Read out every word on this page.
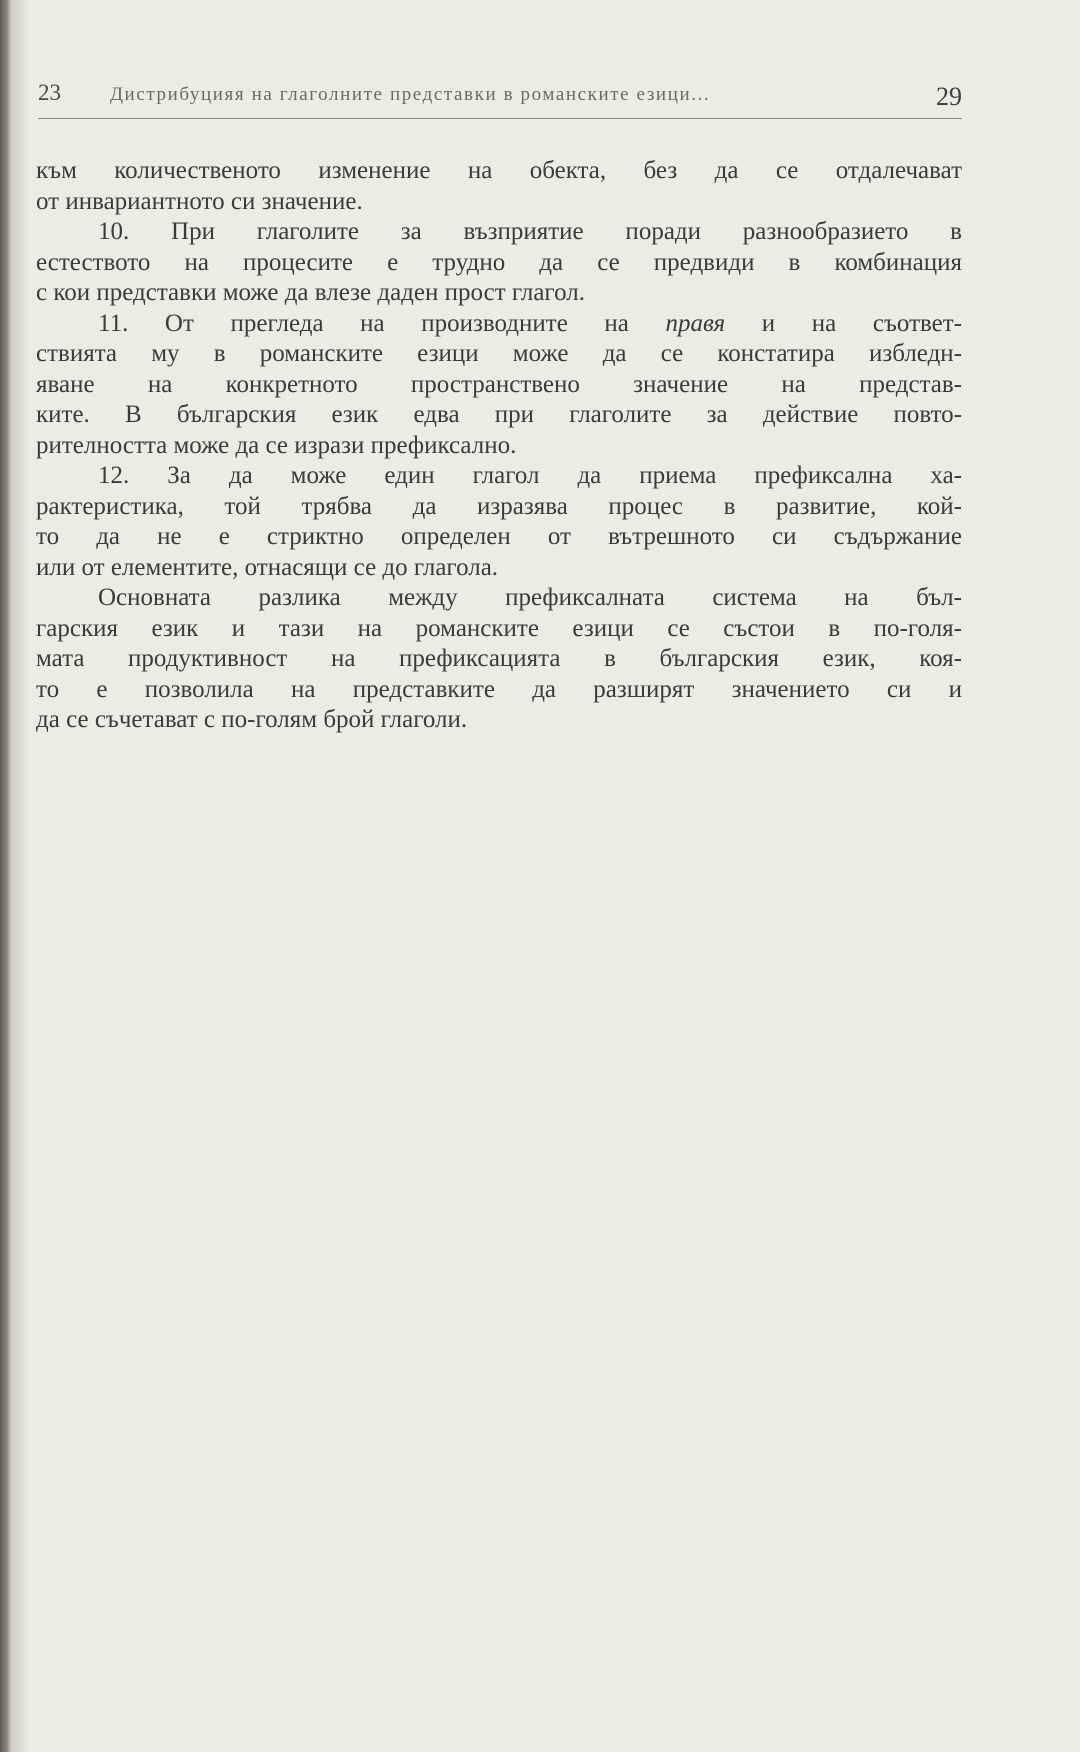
23	Дистрибуцияя на глаголните представки в романските езици...	29
към количественото изменение на обекта, без да се отдалечават
от инвариантното си значение.
10. При глаголите за възприятие поради разнообразието в
естеството на процесите е трудно да се предвиди в комбинация
с кои представки може да влезе даден прост глагол.
11. От прегледа на производните на правя и на съответ-
ствията му в романските езици може да се констатира избледн-
яване на конкретното пространствено значение на представ-
ките. В българския език едва при глаголите за действие повто-
рителността може да се изрази префиксално.
12. За да може един глагол да приема префиксална ха-
рактеристика, той трябва да изразява процес в развитие, кой-
то да не е стриктно определен от вътрешното си съдържание
или от елементите, отнасящи се до глагола.
Основната разлика между префиксалната система на бъл-
гарския език и тази на романските езици се състои в по-голя-
мата продуктивност на префиксацията в българския език, коя-
то е позволила на представките да разширят значението си и
да се съчетават с по-голям брой глаголи.
